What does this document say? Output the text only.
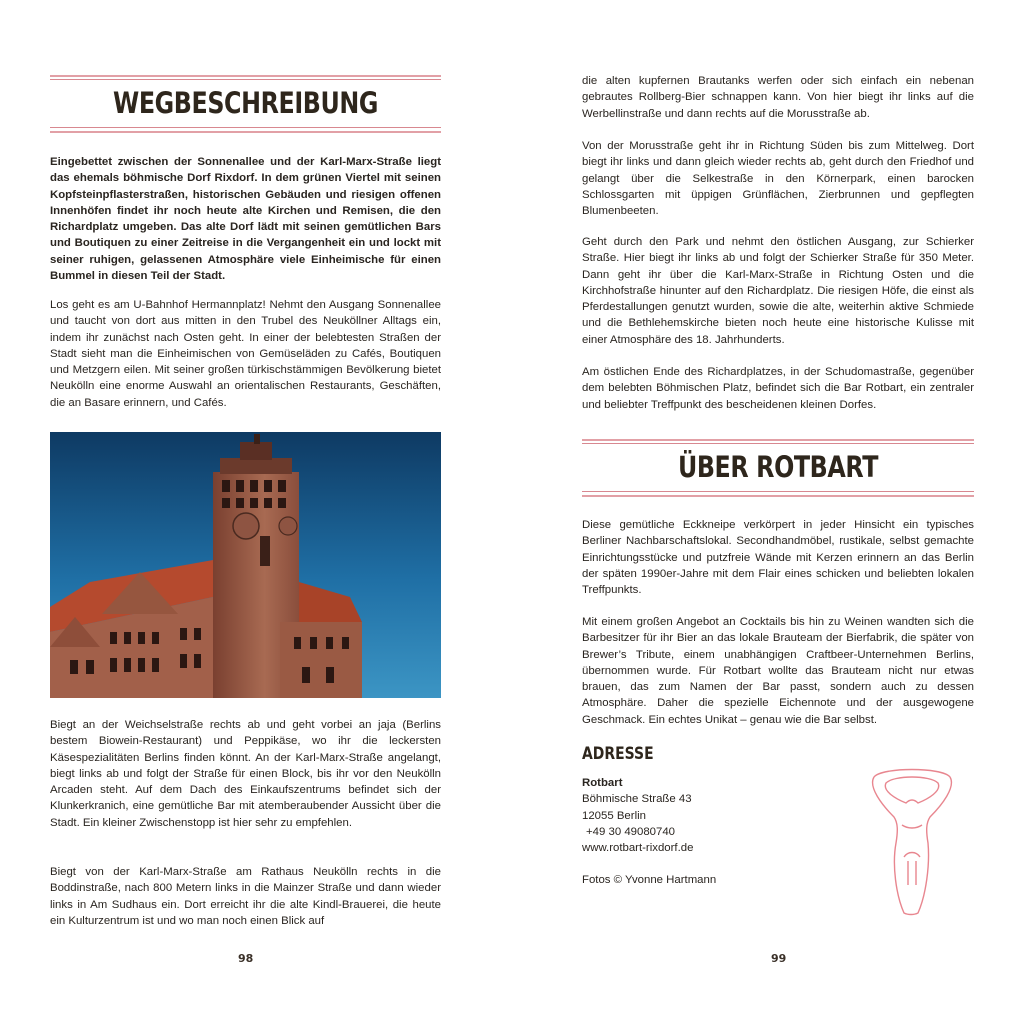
WEGBESCHREIBUNG

Eingebettet zwischen der Sonnenallee und der Karl-Marx-Straße liegt das ehemals böhmische Dorf Rixdorf. In dem grünen Viertel mit seinen Kopfsteinpflasterstraßen, historischen Gebäuden und riesigen offenen Innenhöfen findet ihr noch heute alte Kirchen und Remisen, die den Richardplatz umgeben. Das alte Dorf lädt mit seinen gemütlichen Bars und Boutiquen zu einer Zeitreise in die Vergangenheit ein und lockt mit seiner ruhigen, gelassenen Atmosphäre viele Einheimische für einen Bummel in diesen Teil der Stadt.

Los geht es am U-Bahnhof Hermannplatz! Nehmt den Ausgang Sonnenallee und taucht von dort aus mitten in den Trubel des Neuköllner Alltags ein, indem ihr zunächst nach Osten geht. In einer der belebtesten Straßen der Stadt sieht man die Einheimischen von Gemüseläden zu Cafés, Boutiquen und Metzgern eilen. Mit seiner großen türkischstämmigen Bevölkerung bietet Neukölln eine enorme Auswahl an orientalischen Restaurants, Geschäften, die an Basare erinnern, und Cafés.

Biegt an der Weichselstraße rechts ab und geht vorbei an jaja (Berlins bestem Biowein-Restaurant) und Peppikäse, wo ihr die leckersten Käsespezialitäten Berlins finden könnt. An der Karl-Marx-Straße angelangt, biegt links ab und folgt der Straße für einen Block, bis ihr vor den Neukölln Arcaden steht. Auf dem Dach des Einkaufszentrums befindet sich der Klunkerkranich, eine gemütliche Bar mit atemberaubender Aussicht über die Stadt. Ein kleiner Zwischenstopp ist hier sehr zu empfehlen.

Biegt von der Karl-Marx-Straße am Rathaus Neukölln rechts in die Boddinstraße, nach 800 Metern links in die Mainzer Straße und dann wieder links in Am Sudhaus ein. Dort erreicht ihr die alte Kindl-Brauerei, die heute ein Kulturzentrum ist und wo man noch einen Blick auf

98

die alten kupfernen Brautanks werfen oder sich einfach ein nebenan gebrautes Rollberg-Bier schnappen kann. Von hier biegt ihr links auf die Werbellinstraße und dann rechts auf die Morusstraße ab.

Von der Morusstraße geht ihr in Richtung Süden bis zum Mittelweg. Dort biegt ihr links und dann gleich wieder rechts ab, geht durch den Friedhof und gelangt über die Selkestraße in den Körnerpark, einen barocken Schlossgarten mit üppigen Grünflächen, Zierbrunnen und gepflegten Blumenbeeten.

Geht durch den Park und nehmt den östlichen Ausgang, zur Schierker Straße. Hier biegt ihr links ab und folgt der Schierker Straße für 350 Meter. Dann geht ihr über die Karl-Marx-Straße in Richtung Osten und die Kirchhofstraße hinunter auf den Richardplatz. Die riesigen Höfe, die einst als Pferdestallungen genutzt wurden, sowie die alte, weiterhin aktive Schmiede und die Bethlehemskirche bieten noch heute eine historische Kulisse mit einer Atmosphäre des 18. Jahrhunderts.

Am östlichen Ende des Richardplatzes, in der Schudomastraße, gegenüber dem belebten Böhmischen Platz, befindet sich die Bar Rotbart, ein zentraler und beliebter Treffpunkt des bescheidenen kleinen Dorfes.

ÜBER ROTBART

Diese gemütliche Eckkneipe verkörpert in jeder Hinsicht ein typisches Berliner Nachbarschaftslokal. Secondhandmöbel, rustikale, selbst gemachte Einrichtungsstücke und putzfreie Wände mit Kerzen erinnern an das Berlin der späten 1990er-Jahre mit dem Flair eines schicken und beliebten lokalen Treffpunkts.

Mit einem großen Angebot an Cocktails bis hin zu Weinen wandten sich die Barbesitzer für ihr Bier an das lokale Brauteam der Bierfabrik, die später von Brewer’s Tribute, einem unabhängigen Craftbeer-Unternehmen Berlins, übernommen wurde. Für Rotbart wollte das Brauteam nicht nur etwas brauen, das zum Namen der Bar passt, sondern auch zu dessen Atmosphäre. Daher die spezielle Eichennote und der ausgewogene Geschmack. Ein echtes Unikat – genau wie die Bar selbst.

ADRESSE
Rotbart
Böhmische Straße 43
12055 Berlin
+49 30 49080740
www.rotbart-rixdorf.de
Fotos © Yvonne Hartmann
99
